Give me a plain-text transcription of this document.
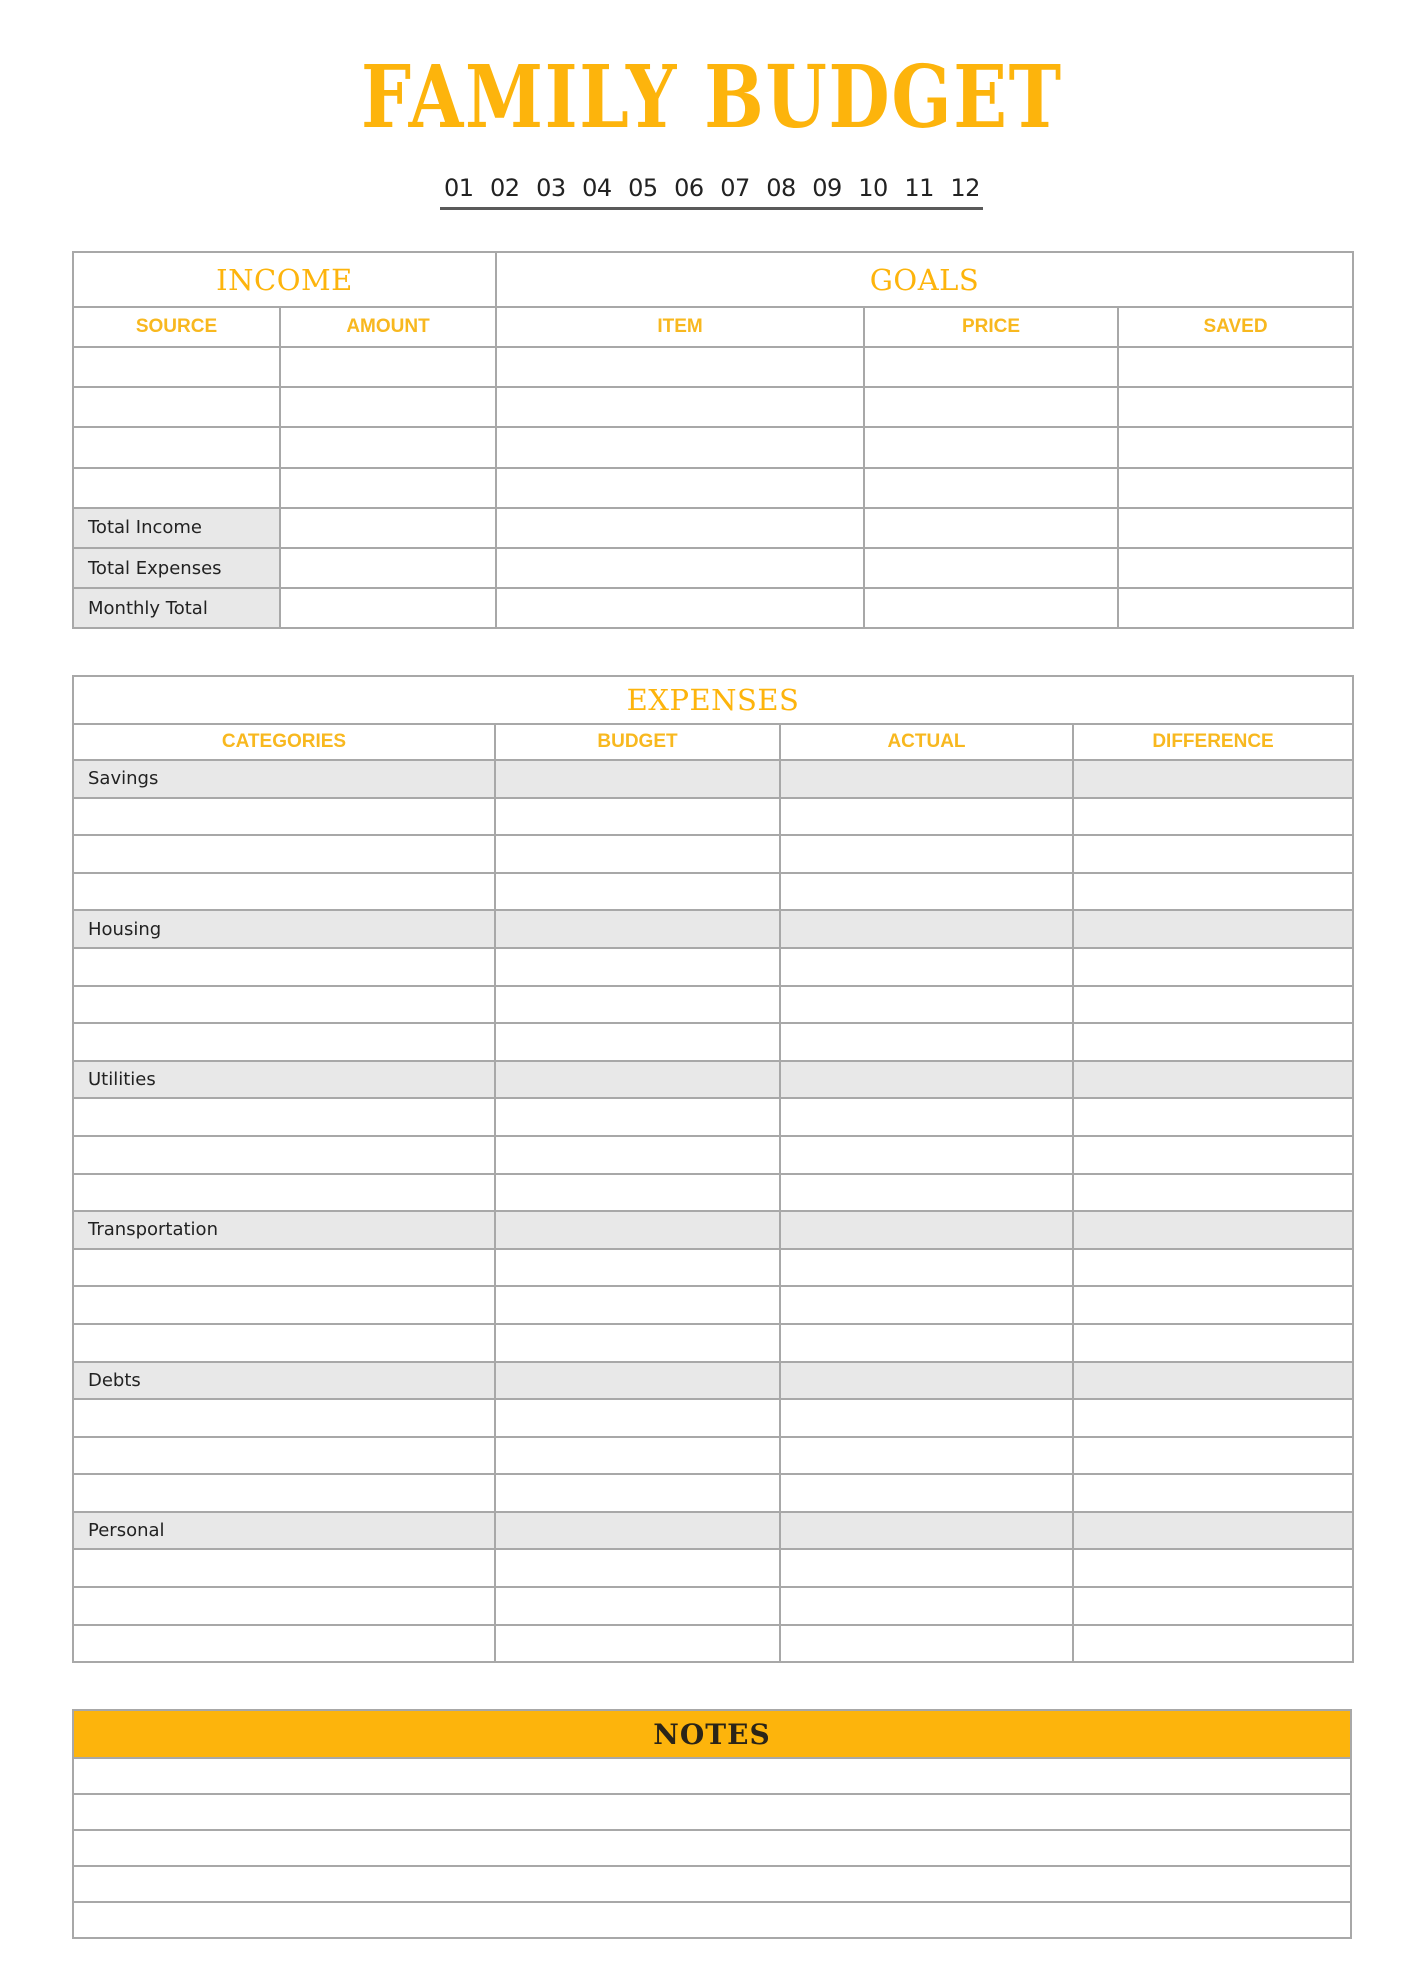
FAMILY BUDGET
01 02 03 04 05 06 07 08 09 10 11 12
INCOME		GOALS		
SOURCE	AMOUNT	ITEM	PRICE	SAVED

Total Income				
Total Expenses				
Monthly Total				
EXPENSES			
CATEGORIES	BUDGET	ACTUAL	DIFFERENCE
Savings			

Housing			

Utilities			

Transportation			

Debts			

Personal			

NOTES
